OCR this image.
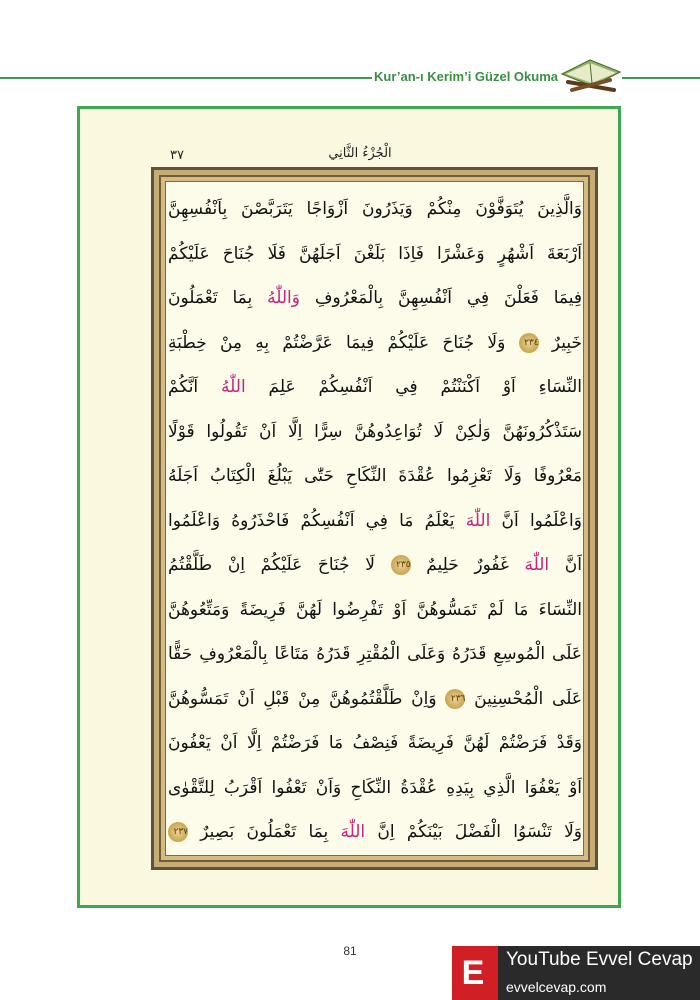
Kur’an-ı Kerim’i Güzel Okuma
٣٧	الْجُزْءُ الثَّانِي
وَالَّذِينَ يُتَوَفَّوْنَ مِنْكُمْ وَيَذَرُونَ اَزْوَاجًا يَتَرَبَّصْنَ بِاَنْفُسِهِنَّ
اَرْبَعَةَ اَشْهُرٍ وَعَشْرًا فَاِذَا بَلَغْنَ اَجَلَهُنَّ فَلَا جُنَاحَ عَلَيْكُمْ
فِيمَا فَعَلْنَ فِي اَنْفُسِهِنَّ بِالْمَعْرُوفِ وَاللّٰهُ بِمَا تَعْمَلُونَ
خَبِيرٌ ٢٣٤ وَلَا جُنَاحَ عَلَيْكُمْ فِيمَا عَرَّضْتُمْ بِهِ مِنْ خِطْبَةِ
النِّسَاءِ اَوْ اَكْنَنْتُمْ فِي اَنْفُسِكُمْ عَلِمَ اللّٰهُ اَنَّكُمْ
سَتَذْكُرُونَهُنَّ وَلٰكِنْ لَا تُوَاعِدُوهُنَّ سِرًّا اِلَّا اَنْ تَقُولُوا قَوْلًا
مَعْرُوفًا وَلَا تَعْزِمُوا عُقْدَةَ النِّكَاحِ حَتّٰى يَبْلُغَ الْكِتَابُ اَجَلَهُ
وَاعْلَمُوا اَنَّ اللّٰهَ يَعْلَمُ مَا فِي اَنْفُسِكُمْ فَاحْذَرُوهُ وَاعْلَمُوا
اَنَّ اللّٰهَ غَفُورٌ حَلِيمٌ ٢٣٥ لَا جُنَاحَ عَلَيْكُمْ اِنْ طَلَّقْتُمُ
النِّسَاءَ مَا لَمْ تَمَسُّوهُنَّ اَوْ تَفْرِضُوا لَهُنَّ فَرِيضَةً وَمَتِّعُوهُنَّ
عَلَى الْمُوسِعِ قَدَرُهُ وَعَلَى الْمُقْتِرِ قَدَرُهُ مَتَاعًا بِالْمَعْرُوفِ حَقًّا
عَلَى الْمُحْسِنِينَ ٢٣٦ وَاِنْ طَلَّقْتُمُوهُنَّ مِنْ قَبْلِ اَنْ تَمَسُّوهُنَّ
وَقَدْ فَرَضْتُمْ لَهُنَّ فَرِيضَةً فَنِصْفُ مَا فَرَضْتُمْ اِلَّا اَنْ يَعْفُونَ
اَوْ يَعْفُوَا الَّذِي بِيَدِهِ عُقْدَةُ النِّكَاحِ وَاَنْ تَعْفُوا اَقْرَبُ لِلتَّقْوٰى
وَلَا تَنْسَوُا الْفَضْلَ بَيْنَكُمْ اِنَّ اللّٰهَ بِمَا تَعْمَلُونَ بَصِيرٌ ٢٣٧
81
E	YouTube Evvel Cevap
evvelcevap.com
